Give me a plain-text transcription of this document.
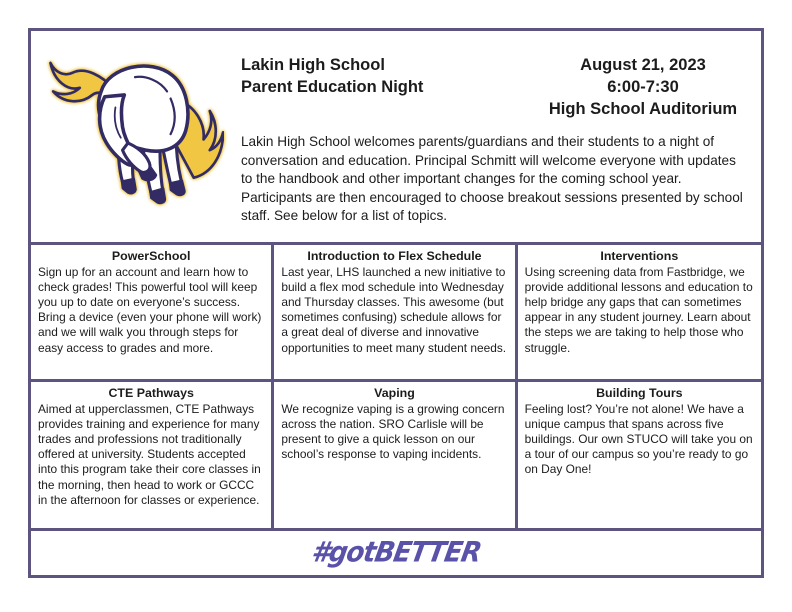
Lakin High School
Parent Education Night
August 21, 2023
6:00-7:30
High School Auditorium
Lakin High School welcomes parents/guardians and their students to a night of conversation and education. Principal Schmitt will welcome everyone with updates to the handbook and other important changes for the coming school year. Participants are then encouraged to choose breakout sessions presented by school staff. See below for a list of topics.
PowerSchool

Sign up for an account and learn how to check grades! This powerful tool will keep you up to date on everyone’s success. Bring a device (even your phone will work) and we will walk you through steps for easy access to grades and more.

Introduction to Flex Schedule

Last year, LHS launched a new initiative to build a flex mod schedule into Wednesday and Thursday classes. This awesome (but sometimes confusing) schedule allows for a great deal of diverse and innovative opportunities to meet many student needs.

Interventions

Using screening data from Fastbridge, we provide additional lessons and education to help bridge any gaps that can sometimes appear in any student journey. Learn about the steps we are taking to help those who struggle.

CTE Pathways

Aimed at upperclassmen, CTE Pathways provides training and experience for many trades and professions not traditionally offered at university. Students accepted into this program take their core classes in the morning, then head to work or GCCC in the afternoon for classes or experience.

Vaping

We recognize vaping is a growing concern across the nation. SRO Carlisle will be present to give a quick lesson on our school’s response to vaping incidents.

Building Tours

Feeling lost? You’re not alone! We have a unique campus that spans across five buildings. Our own STUCO will take you on a tour of our campus so you’re ready to go on Day One!

#gotBETTER
